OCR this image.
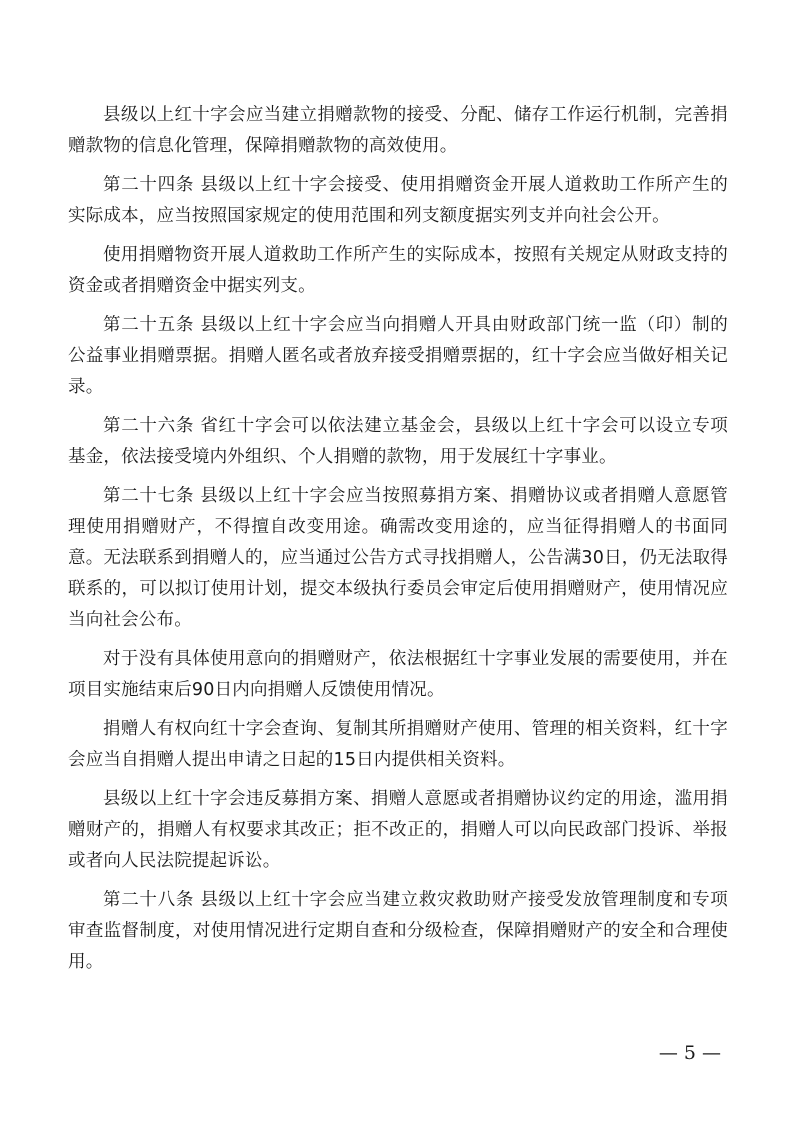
县级以上红十字会应当建立捐赠款物的接受、分配、储存工作运行机制，完善捐赠款物的信息化管理，保障捐赠款物的高效使用。

第二十四条 县级以上红十字会接受、使用捐赠资金开展人道救助工作所产生的实际成本，应当按照国家规定的使用范围和列支额度据实列支并向社会公开。

使用捐赠物资开展人道救助工作所产生的实际成本，按照有关规定从财政支持的资金或者捐赠资金中据实列支。

第二十五条 县级以上红十字会应当向捐赠人开具由财政部门统一监（印）制的公益事业捐赠票据。捐赠人匿名或者放弃接受捐赠票据的，红十字会应当做好相关记录。

第二十六条 省红十字会可以依法建立基金会，县级以上红十字会可以设立专项基金，依法接受境内外组织、个人捐赠的款物，用于发展红十字事业。

第二十七条 县级以上红十字会应当按照募捐方案、捐赠协议或者捐赠人意愿管理使用捐赠财产，不得擅自改变用途。确需改变用途的，应当征得捐赠人的书面同意。无法联系到捐赠人的，应当通过公告方式寻找捐赠人，公告满30日，仍无法取得联系的，可以拟订使用计划，提交本级执行委员会审定后使用捐赠财产，使用情况应当向社会公布。

对于没有具体使用意向的捐赠财产，依法根据红十字事业发展的需要使用，并在项目实施结束后90日内向捐赠人反馈使用情况。

捐赠人有权向红十字会查询、复制其所捐赠财产使用、管理的相关资料，红十字会应当自捐赠人提出申请之日起的15日内提供相关资料。

县级以上红十字会违反募捐方案、捐赠人意愿或者捐赠协议约定的用途，滥用捐赠财产的，捐赠人有权要求其改正；拒不改正的，捐赠人可以向民政部门投诉、举报或者向人民法院提起诉讼。

第二十八条 县级以上红十字会应当建立救灾救助财产接受发放管理制度和专项审查监督制度，对使用情况进行定期自查和分级检查，保障捐赠财产的安全和合理使用。

— 5 —
